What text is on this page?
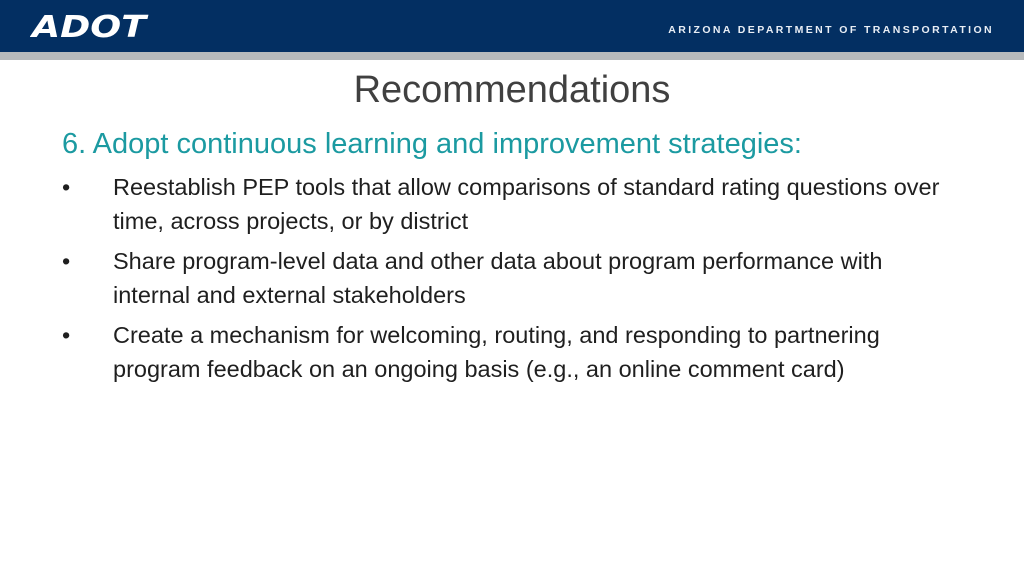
ADOT	ARIZONA DEPARTMENT OF TRANSPORTATION
Recommendations
6. Adopt continuous learning and improvement strategies:
•	Reestablish PEP tools that allow comparisons of standard rating questions over time, across projects, or by district
•	Share program-level data and other data about program performance with internal and external stakeholders
•	Create a mechanism for welcoming, routing, and responding to partnering program feedback on an ongoing basis (e.g., an online comment card)
